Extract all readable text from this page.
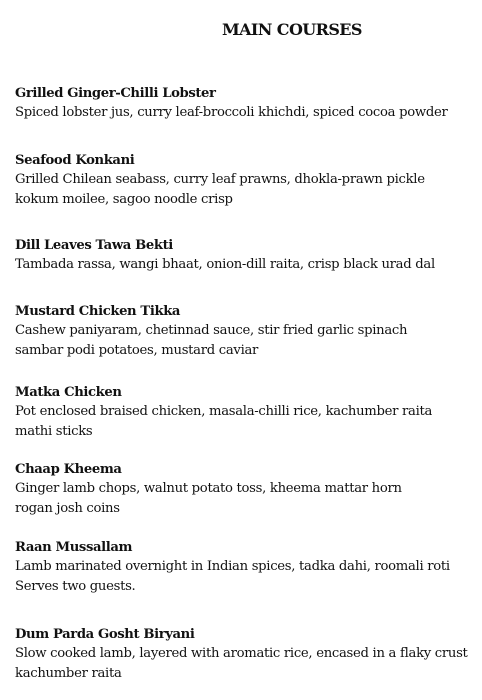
MAIN COURSES
Grilled Ginger-Chilli Lobster
Spiced lobster jus, curry leaf-broccoli khichdi, spiced cocoa powder
Seafood Konkani
Grilled Chilean seabass, curry leaf prawns, dhokla-prawn pickle
kokum moilee, sagoo noodle crisp
Dill Leaves Tawa Bekti
Tambada rassa, wangi bhaat, onion-dill raita, crisp black urad dal
Mustard Chicken Tikka
Cashew paniyaram, chetinnad sauce, stir fried garlic spinach
sambar podi potatoes, mustard caviar
Matka Chicken
Pot enclosed braised chicken, masala-chilli rice, kachumber raita
mathi sticks
Chaap Kheema
Ginger lamb chops, walnut potato toss, kheema mattar horn
rogan josh coins
Raan Mussallam
Lamb marinated overnight in Indian spices, tadka dahi, roomali roti
Serves two guests.
Dum Parda Gosht Biryani
Slow cooked lamb, layered with aromatic rice, encased in a flaky crust
kachumber raita
